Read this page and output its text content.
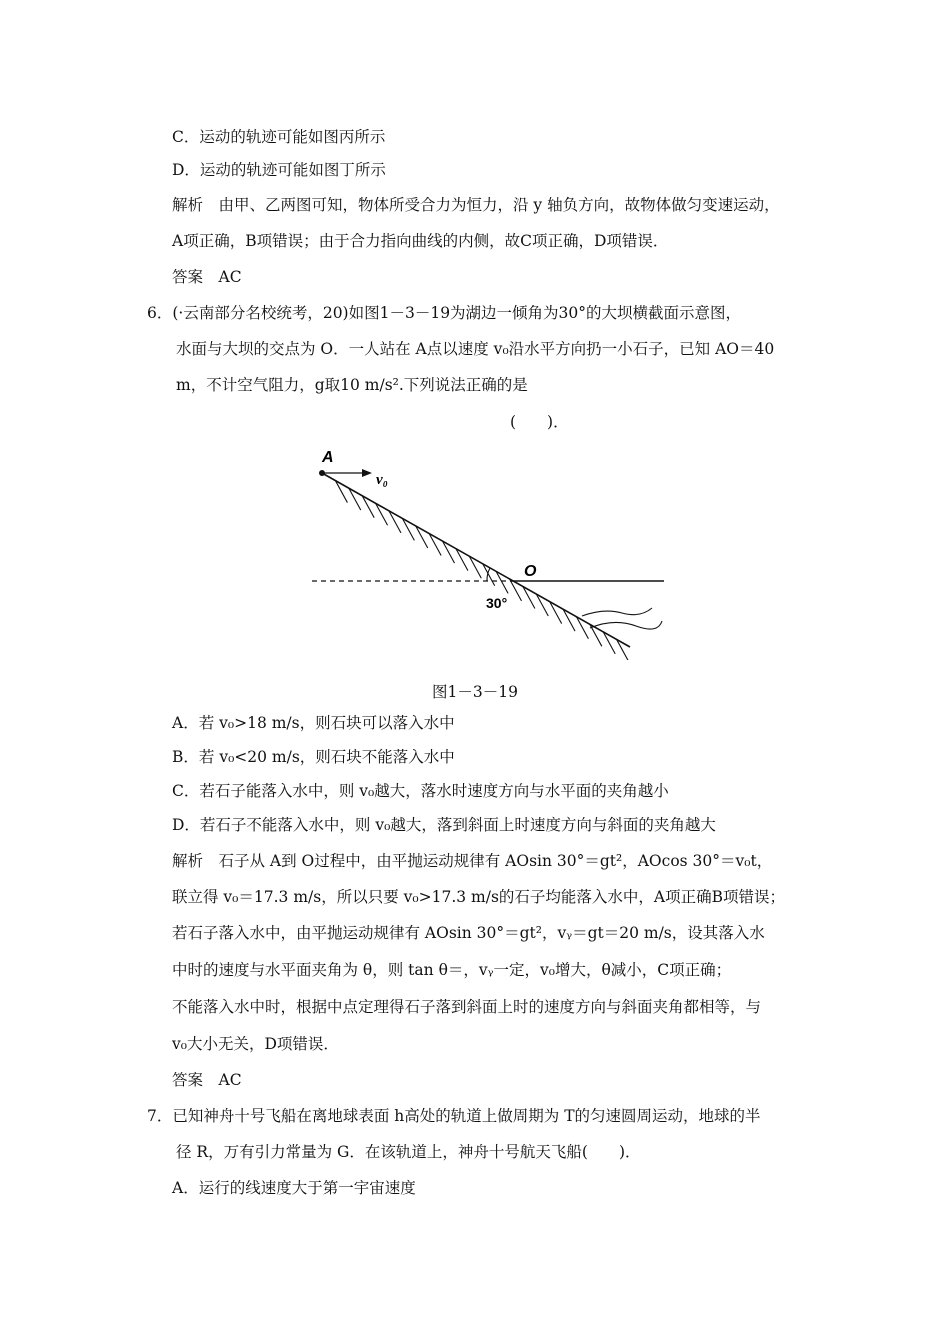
C．运动的轨迹可能如图丙所示
D．运动的轨迹可能如图丁所示
解析　由甲、乙两图可知，物体所受合力为恒力，沿 y 轴负方向，故物体做匀变速运动，
A项正确，B项错误；由于合力指向曲线的内侧，故C项正确，D项错误．
答案　AC
6．(·云南部分名校统考，20)如图1－3－19为湖边一倾角为30°的大坝横截面示意图，
水面与大坝的交点为 O．一人站在 A点以速度 v₀沿水平方向扔一小石子，已知 AO＝40
m，不计空气阻力，g取10 m/s².下列说法正确的是
(　　)．
A
v₀
O
30°
图1－3－19
A．若 v₀>18 m/s，则石块可以落入水中
B．若 v₀<20 m/s，则石块不能落入水中
C．若石子能落入水中，则 v₀越大，落水时速度方向与水平面的夹角越小
D．若石子不能落入水中，则 v₀越大，落到斜面上时速度方向与斜面的夹角越大
解析　石子从 A到 O过程中，由平抛运动规律有 AOsin 30°＝gt²，AOcos 30°＝v₀t，
联立得 v₀＝17.3 m/s，所以只要 v₀>17.3 m/s的石子均能落入水中，A项正确B项错误；
若石子落入水中，由平抛运动规律有 AOsin 30°＝gt²，vᵧ＝gt＝20 m/s，设其落入水
中时的速度与水平面夹角为 θ，则 tan θ＝，vᵧ一定，v₀增大，θ减小，C项正确；
不能落入水中时，根据中点定理得石子落到斜面上时的速度方向与斜面夹角都相等，与
v₀大小无关，D项错误．
答案　AC
7．已知神舟十号飞船在离地球表面 h高处的轨道上做周期为 T的匀速圆周运动，地球的半
径 R，万有引力常量为 G．在该轨道上，神舟十号航天飞船(　　)．
A．运行的线速度大于第一宇宙速度
